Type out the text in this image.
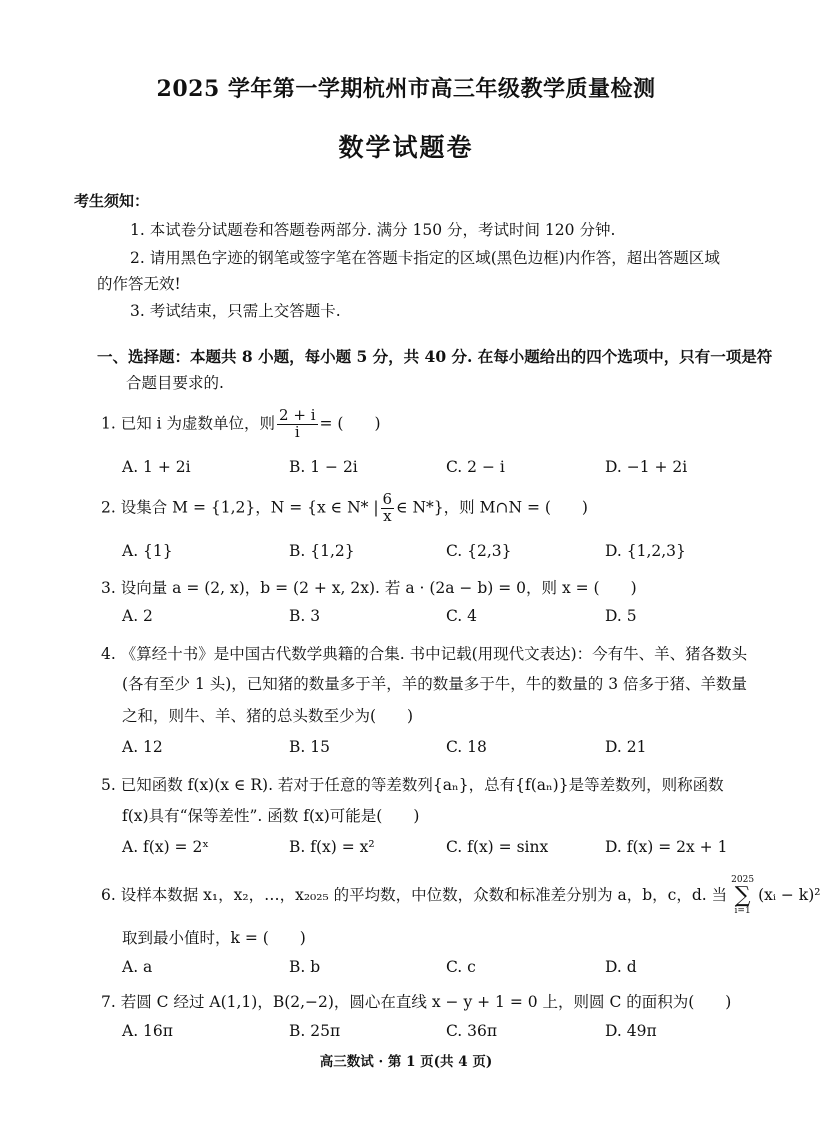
2025 学年第一学期杭州市高三年级教学质量检测
数学试题卷
考生须知：
1. 本试卷分试题卷和答题卷两部分. 满分 150 分，考试时间 120 分钟.
2. 请用黑色字迹的钢笔或签字笔在答题卡指定的区域(黑色边框)内作答，超出答题区域
的作答无效!
3. 考试结束，只需上交答题卡.
一、选择题：本题共 8 小题，每小题 5 分，共 40 分. 在每小题给出的四个选项中，只有一项是符
合题目要求的.
1. 已知 i 为虚数单位，则 $\frac{2 + i}{i}$ = (　　)
A. 1 + 2i	B. 1 − 2i	C. 2 − i	D. −1 + 2i
2. 设集合 M = {1,2}，N = {x ∈ N* | $\frac{6}{x}$ ∈ N*}，则 M∩N = (　　)
A. {1}	B. {1,2}	C. {2,3}	D. {1,2,3}
3. 设向量 a = (2, x)，b = (2 + x, 2x). 若 a · (2a − b) = 0，则 x = (　　)
A. 2	B. 3	C. 4	D. 5
4. 《算经十书》是中国古代数学典籍的合集. 书中记载(用现代文表达)：今有牛、羊、猪各数头
(各有至少 1 头)，已知猪的数量多于羊，羊的数量多于牛，牛的数量的 3 倍多于猪、羊数量
之和，则牛、羊、猪的总头数至少为(　　)
A. 12	B. 15	C. 18	D. 21
5. 已知函数 f(x)(x ∈ R). 若对于任意的等差数列{aₙ}，总有{f(aₙ)}是等差数列，则称函数
f(x)具有“保等差性”. 函数 f(x)可能是(　　)
A. f(x) = 2ˣ	B. f(x) = x²	C. f(x) = sinx	D. f(x) = 2x + 1
6. 设样本数据 x₁，x₂，…，x₂₀₂₅ 的平均数，中位数，众数和标准差分别为 a，b，c，d. 当
2025
∑
i=1
(xᵢ − k)²
取到最小值时，k = (　　)
A. a	B. b	C. c	D. d
7. 若圆 C 经过 A(1,1)，B(2,−2)，圆心在直线 x − y + 1 = 0 上，则圆 C 的面积为(　　)
A. 16π	B. 25π	C. 36π	D. 49π
高三数试 · 第 1 页(共 4 页)
